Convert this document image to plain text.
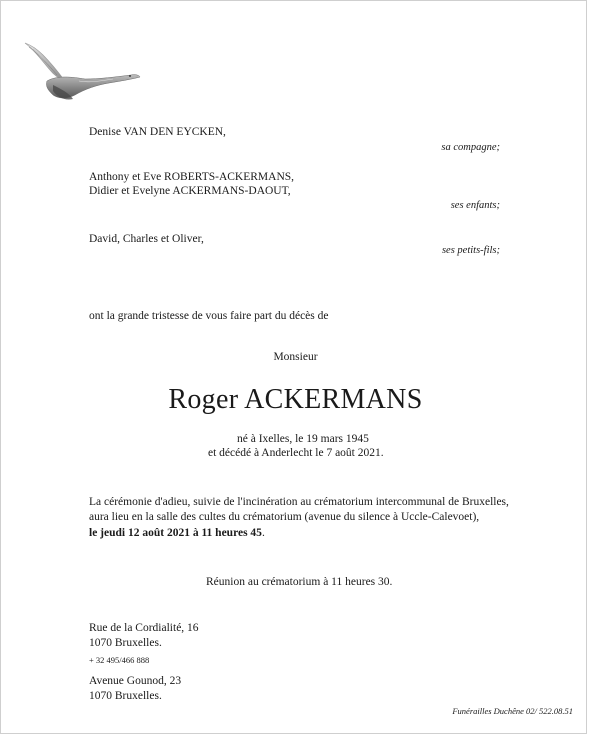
Denise VAN DEN EYCKEN,
sa compagne;
Anthony et Eve ROBERTS-ACKERMANS,
Didier et Evelyne ACKERMANS-DAOUT,
ses enfants;
David, Charles et Oliver,
ses petits-fils;
ont la grande tristesse de vous faire part du décès de
Monsieur
Roger ACKERMANS
né à Ixelles, le 19 mars 1945
et décédé à Anderlecht le 7 août 2021.
La cérémonie d'adieu, suivie de l'incinération au crématorium intercommunal de Bruxelles,
aura lieu en la salle des cultes du crématorium (avenue du silence à Uccle-Calevoet),
le jeudi 12 août 2021 à 11 heures 45.
Réunion au crématorium à 11 heures 30.
Rue de la Cordialité, 16
1070 Bruxelles.
+ 32 495/466 888
Avenue Gounod, 23
1070 Bruxelles.
Funérailles Duchêne 02/ 522.08.51
